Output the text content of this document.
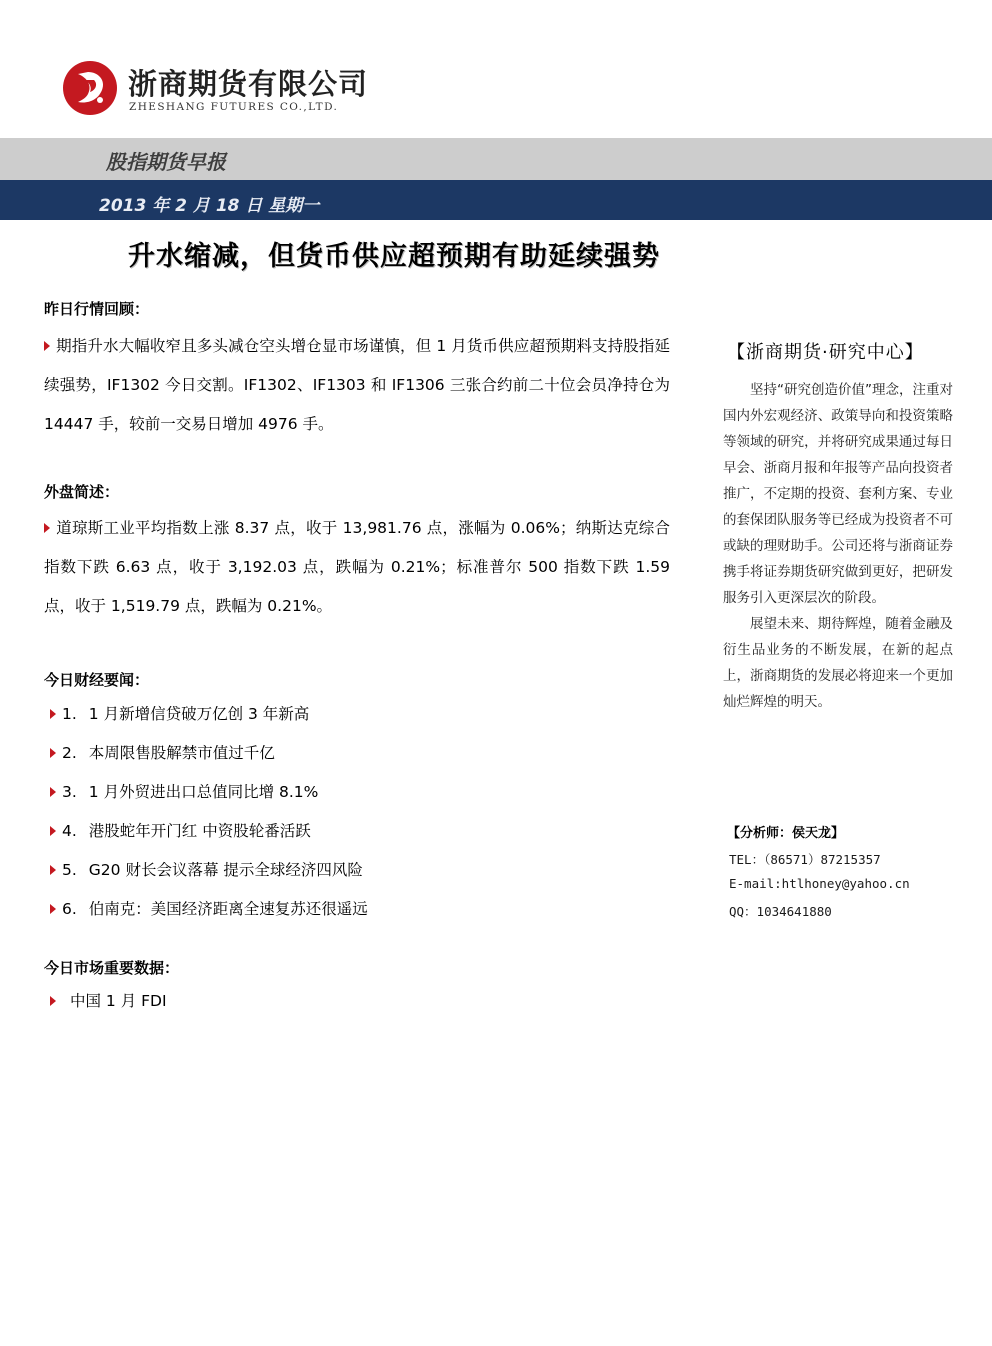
浙商期货有限公司
ZHESHANG FUTURES CO.,LTD.
股指期货早报
2013 年 2 月 18 日 星期一
升水缩减，但货币供应超预期有助延续强势
昨日行情回顾：

期指升水大幅收窄且多头减仓空头增仓显市场谨慎，但 1 月货币供应超预期料支持股指延续强势，IF1302 今日交割。IF1302、IF1303 和 IF1306 三张合约前二十位会员净持仓为 14447 手，较前一交易日增加 4976 手。

外盘简述：

道琼斯工业平均指数上涨 8.37 点，收于 13,981.76 点，涨幅为 0.06%；纳斯达克综合指数下跌 6.63 点，收于 3,192.03 点，跌幅为 0.21%；标准普尔 500 指数下跌 1.59 点，收于 1,519.79 点，跌幅为 0.21%。

今日财经要闻：
1. 1 月新增信贷破万亿创 3 年新高
2. 本周限售股解禁市值过千亿
3. 1 月外贸进出口总值同比增 8.1%
4. 港股蛇年开门红 中资股轮番活跃
5. G20 财长会议落幕 提示全球经济四风险
6. 伯南克：美国经济距离全速复苏还很遥远
今日市场重要数据：
中国 1 月 FDI
【浙商期货·研究中心】

坚持“研究创造价值”理念，注重对国内外宏观经济、政策导向和投资策略等领域的研究，并将研究成果通过每日早会、浙商月报和年报等产品向投资者推广，不定期的投资、套利方案、专业的套保团队服务等已经成为投资者不可或缺的理财助手。公司还将与浙商证券携手将证券期货研究做到更好，把研发服务引入更深层次的阶段。

展望未来、期待辉煌，随着金融及衍生品业务的不断发展，在新的起点上，浙商期货的发展必将迎来一个更加灿烂辉煌的明天。

【分析师：侯天龙】
TEL：（86571）87215357
E-mail:htlhoney@yahoo.cn
QQ：1034641880
